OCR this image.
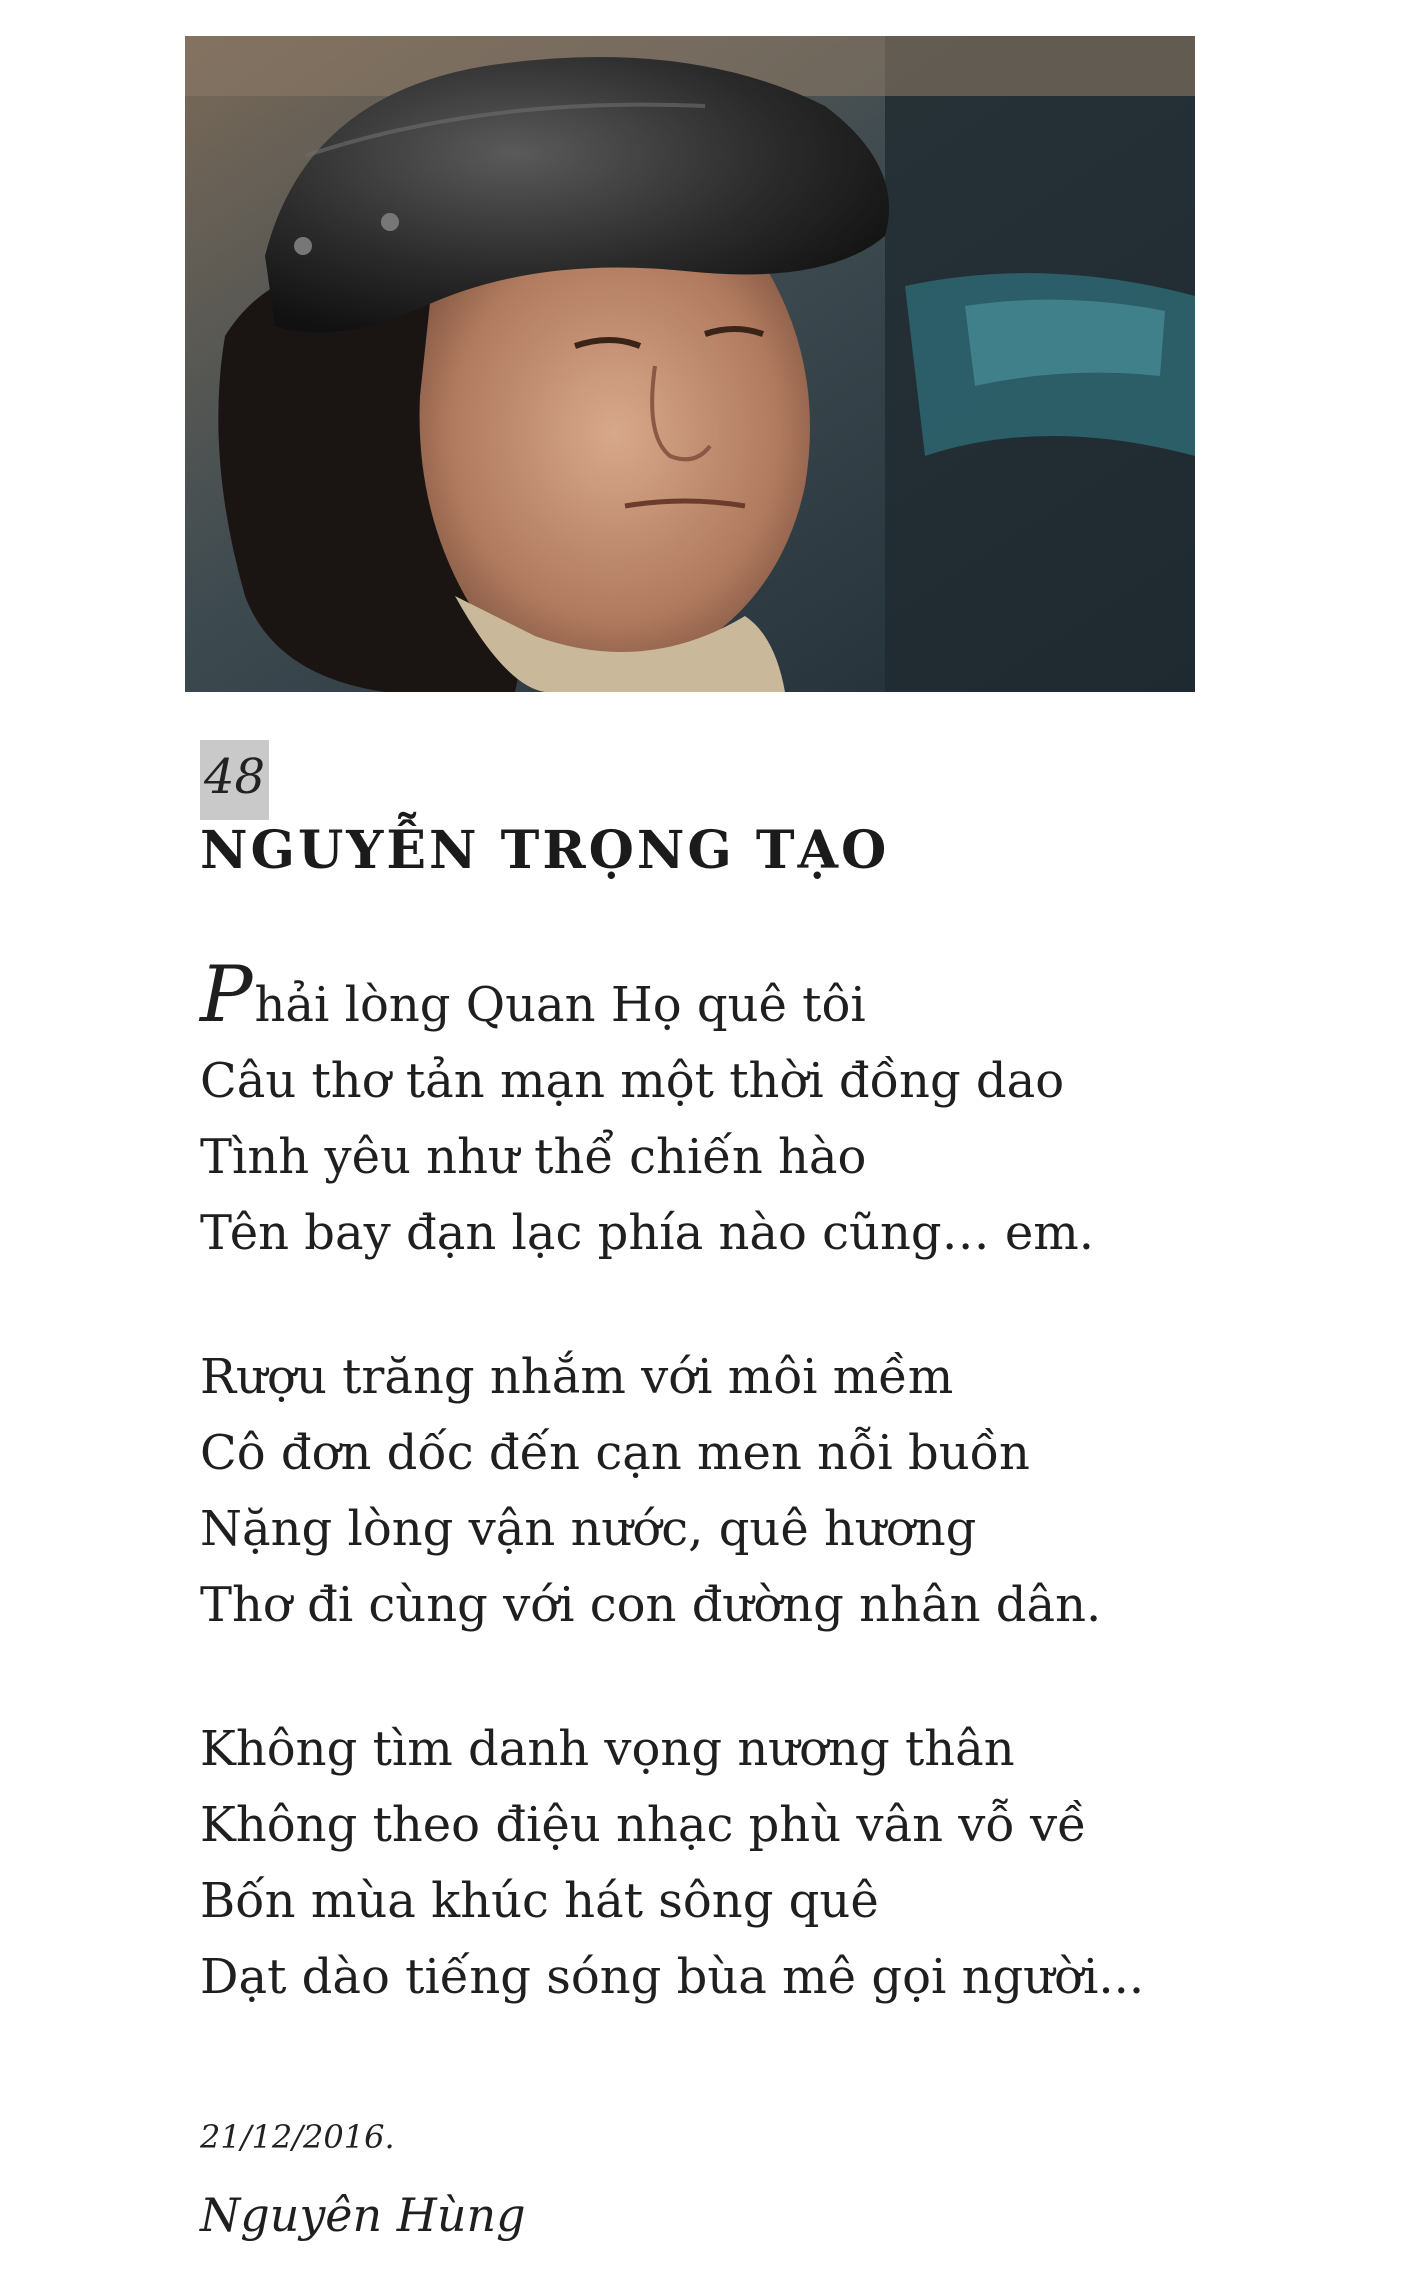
48
NGUYỄN TRỌNG TẠO
Phải lòng Quan Họ quê tôi
Câu thơ tản mạn một thời đồng dao
Tình yêu như thể chiến hào
Tên bay đạn lạc phía nào cũng… em.
Rượu trăng nhắm với môi mềm
Cô đơn dốc đến cạn men nỗi buồn
Nặng lòng vận nước, quê hương
Thơ đi cùng với con đường nhân dân.
Không tìm danh vọng nương thân
Không theo điệu nhạc phù vân vỗ về
Bốn mùa khúc hát sông quê
Dạt dào tiếng sóng bùa mê gọi người...
21/12/2016.
Nguyên Hùng
